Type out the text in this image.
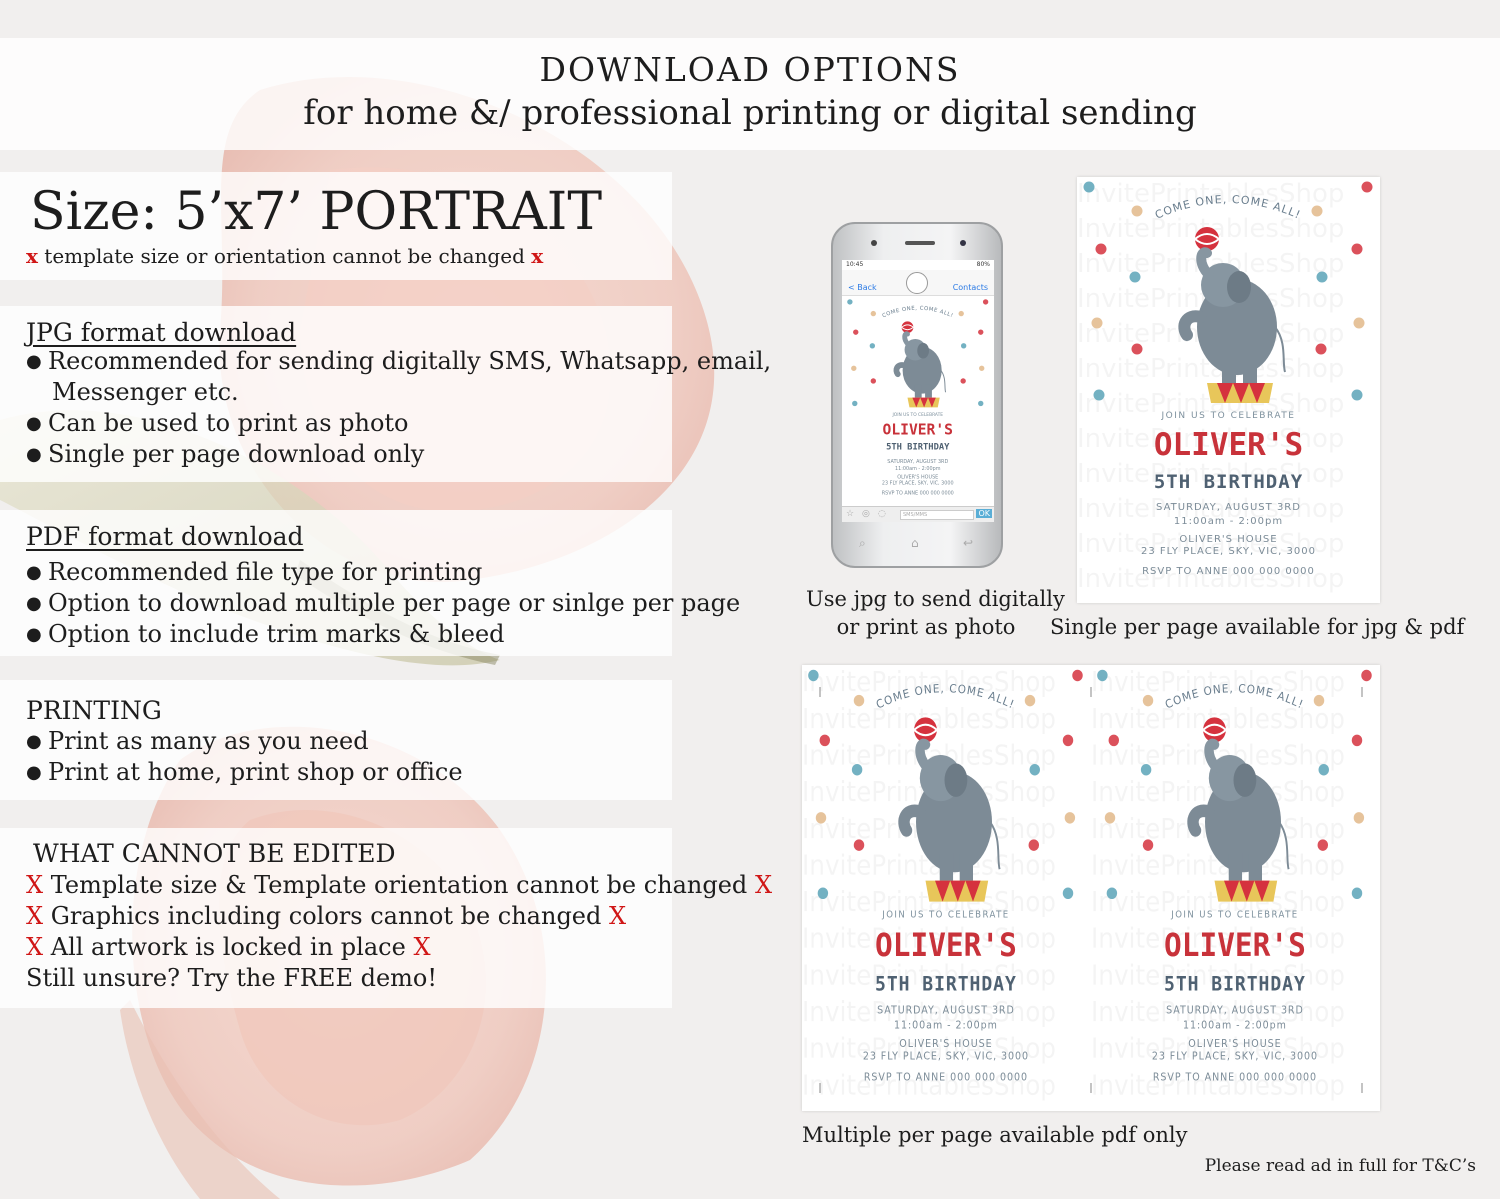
DOWNLOAD OPTIONS
for home &/ professional printing or digital sending
Size: 5’x7’ PORTRAIT
x template size or orientation cannot be changed x
JPG format download
● Recommended for sending digitally SMS, Whatsapp, email,
Messenger etc.
● Can be used to print as photo
● Single per page download only
PDF format download
● Recommended file type for printing
● Option to download multiple per page or sinlge per page
● Option to include trim marks & bleed
PRINTING
● Print as many as you need
● Print at home, print shop or office
WHAT CANNOT BE EDITED
X Template size & Template orientation cannot be changed X
X Graphics including colors cannot be changed X
X All artwork is locked in place X
Still unsure? Try the FREE demo!
10:45	80%
< Back	Contacts
COME ONE, COME ALL!
JOIN US TO CELEBRATE
OLIVER'S
5TH BIRTHDAY
SATURDAY, AUGUST 3RD
11:00am - 2:00pm
OLIVER'S HOUSE
23 FLY PLACE, SKY, VIC, 3000
RSVP TO ANNE 000 000 0000
☆ ◎ ◌	SMS/MMS	OK
⌕	⌂	↩
Use jpg to send digitally
or print as photo
COME ONE, COME ALL!
JOIN US TO CELEBRATE
OLIVER'S
5TH BIRTHDAY
SATURDAY, AUGUST 3RD
11:00am - 2:00pm
OLIVER'S HOUSE
23 FLY PLACE, SKY, VIC, 3000
RSVP TO ANNE 000 000 0000
Single per page available for jpg & pdf
COME ONE, COME ALL!
JOIN US TO CELEBRATE
OLIVER'S
5TH BIRTHDAY
SATURDAY, AUGUST 3RD
11:00am - 2:00pm
OLIVER'S HOUSE
23 FLY PLACE, SKY, VIC, 3000
RSVP TO ANNE 000 000 0000
COME ONE, COME ALL!
JOIN US TO CELEBRATE
OLIVER'S
5TH BIRTHDAY
SATURDAY, AUGUST 3RD
11:00am - 2:00pm
OLIVER'S HOUSE
23 FLY PLACE, SKY, VIC, 3000
RSVP TO ANNE 000 000 0000
Multiple per page available pdf only
Please read ad in full for T&C’s
